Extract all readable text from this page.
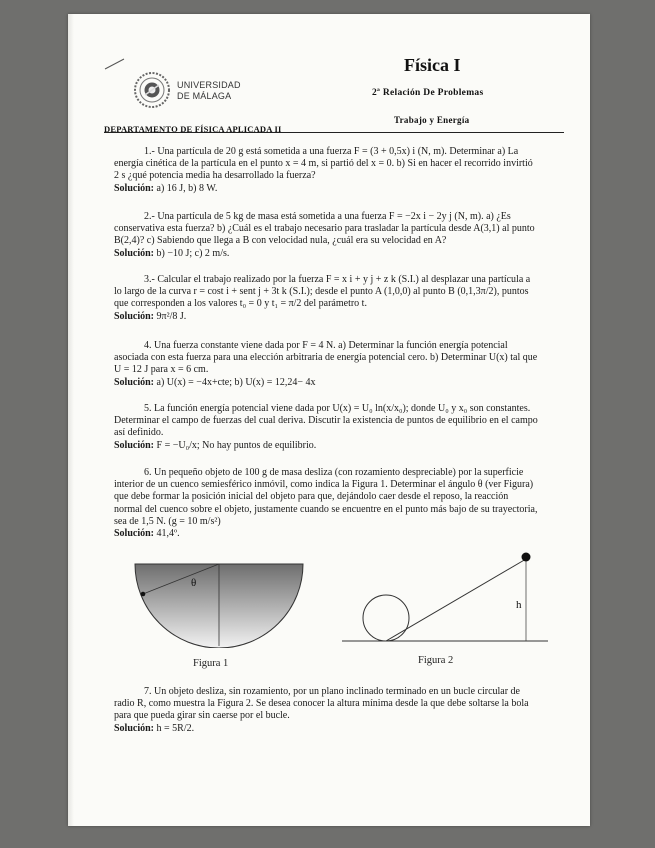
UNIVERSIDAD
DE MÁLAGA
Física I
2ª Relación De Problemas
Trabajo y Energía
DEPARTAMENTO DE FÍSICA APLICADA II

1.- Una partícula de 20 g está sometida a una fuerza F = (3 + 0,5x) i (N, m). Determinar a) La

energía cinética de la partícula en el punto x = 4 m, si partió del x = 0. b) Si en hacer el recorrido invirtió
2 s ¿qué potencia media ha desarrollado la fuerza?
Solución: a) 16 J, b) 8 W.

2.- Una partícula de 5 kg de masa está sometida a una fuerza F = −2x i − 2y j (N, m). a) ¿Es

conservativa esta fuerza? b) ¿Cuál es el trabajo necesario para trasladar la partícula desde A(3,1) al punto
B(2,4)? c) Sabiendo que llega a B con velocidad nula, ¿cuál era su velocidad en A?
Solución: b) −10 J; c) 2 m/s.

3.- Calcular el trabajo realizado por la fuerza F = x i + y j + z k (S.I.) al desplazar una partícula a

lo largo de la curva r = cost i + sent j + 3t k (S.I.); desde el punto A (1,0,0) al punto B (0,1,3π/2), puntos
que corresponden a los valores t₀ = 0 y t₁ = π/2 del parámetro t.
Solución: 9π²/8 J.

4. Una fuerza constante viene dada por F = 4 N. a) Determinar la función energía potencial

asociada con esta fuerza para una elección arbitraria de energía potencial cero. b) Determinar U(x) tal que
U = 12 J para x = 6 cm.
Solución: a) U(x) = −4x+cte; b) U(x) = 12,24− 4x

5. La función energía potencial viene dada por U(x) = U₀ ln(x/x₀); donde U₀ y x₀ son constantes.

Determinar el campo de fuerzas del cual deriva. Discutir la existencia de puntos de equilibrio en el campo
así definido.
Solución: F = −U₀/x; No hay puntos de equilibrio.

6. Un pequeño objeto de 100 g de masa desliza (con rozamiento despreciable) por la superficie

interior de un cuenco semiesférico inmóvil, como indica la Figura 1. Determinar el ángulo θ (ver Figura)
que debe formar la posición inicial del objeto para que, dejándolo caer desde el reposo, la reacción
normal del cuenco sobre el objeto, justamente cuando se encuentre en el punto más bajo de su trayectoria,
sea de 1,5 N. (g = 10 m/s²)
Solución: 41,4º.
θ
Figura 1
h
Figura 2

7. Un objeto desliza, sin rozamiento, por un plano inclinado terminado en un bucle circular de

radio R, como muestra la Figura 2. Se desea conocer la altura mínima desde la que debe soltarse la bola
para que pueda girar sin caerse por el bucle.
Solución: h = 5R/2.
